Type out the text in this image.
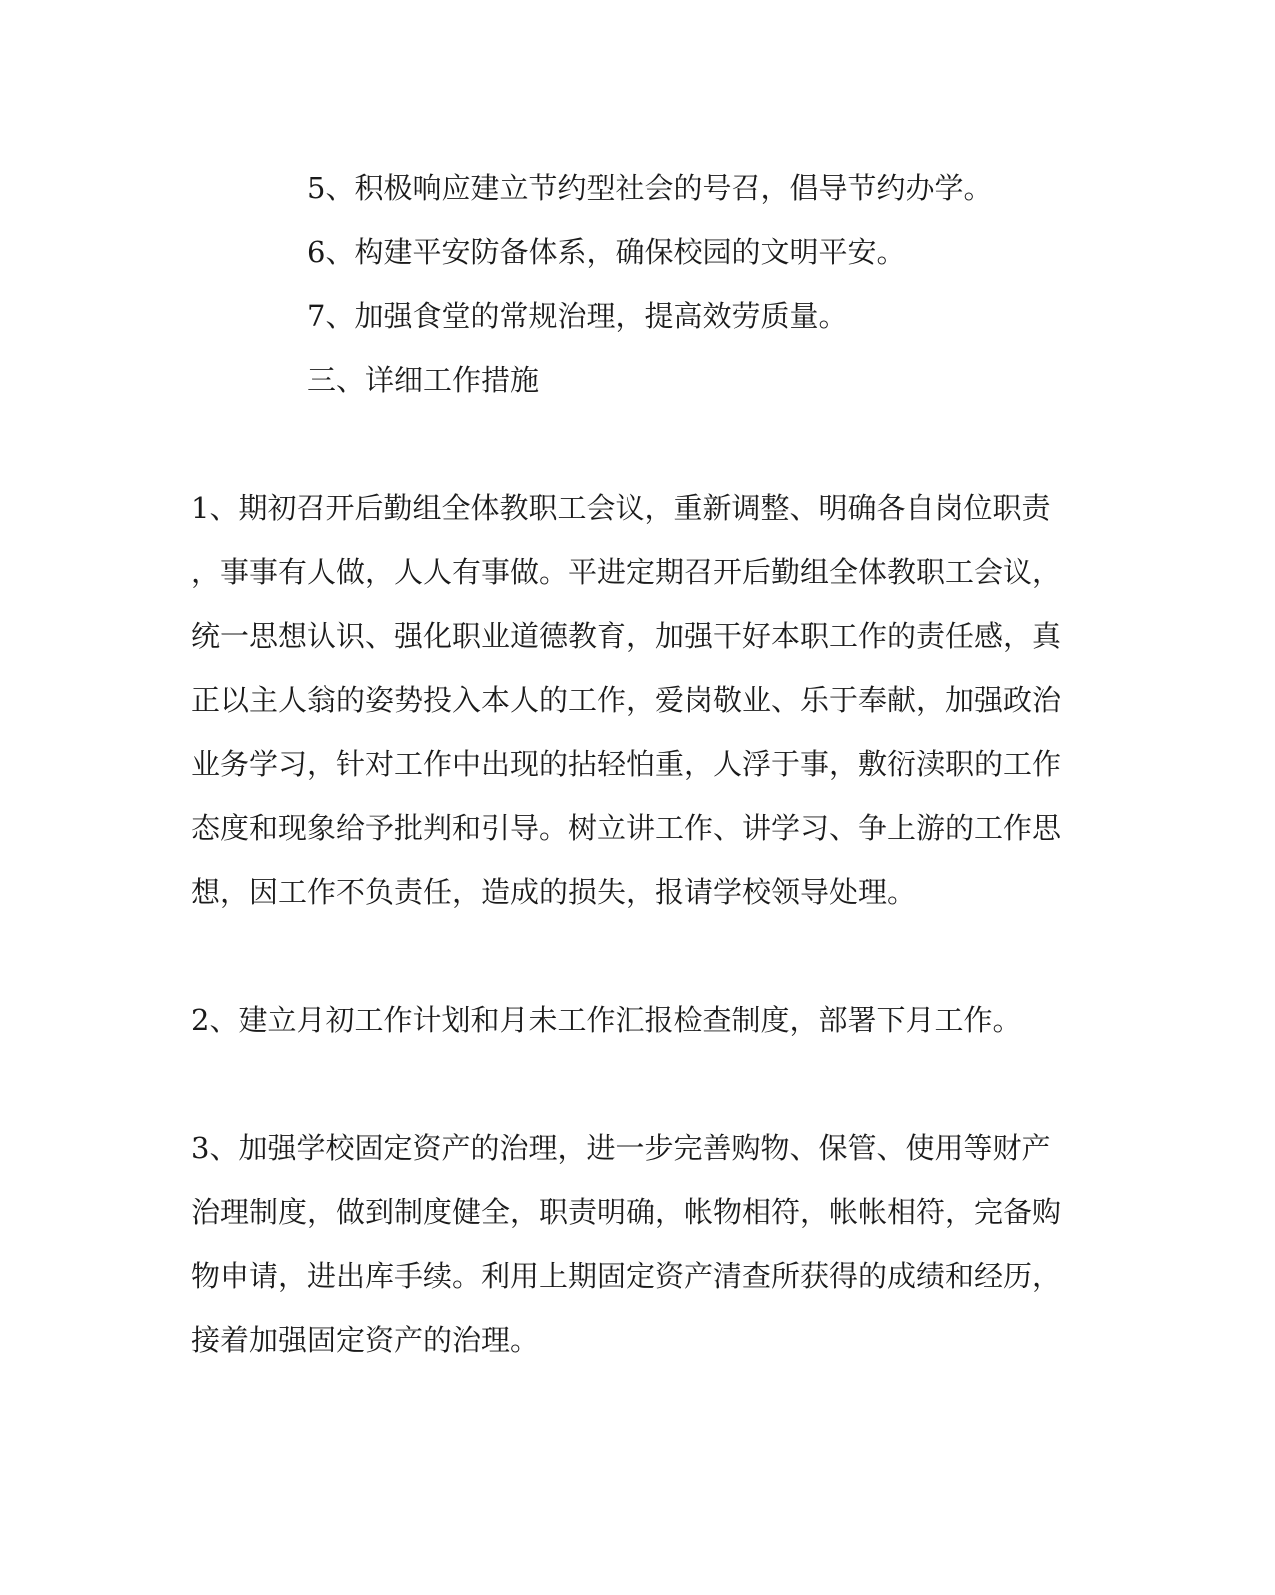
5、积极响应建立节约型社会的号召，倡导节约办学。
6、构建平安防备体系，确保校园的文明平安。
7、加强食堂的常规治理，提高效劳质量。
三、详细工作措施
1、期初召开后勤组全体教职工会议，重新调整、明确各自岗位职责
，事事有人做，人人有事做。平进定期召开后勤组全体教职工会议，
统一思想认识、强化职业道德教育，加强干好本职工作的责任感，真
正以主人翁的姿势投入本人的工作，爱岗敬业、乐于奉献，加强政治
业务学习，针对工作中出现的拈轻怕重，人浮于事，敷衍渎职的工作
态度和现象给予批判和引导。树立讲工作、讲学习、争上游的工作思
想，因工作不负责任，造成的损失，报请学校领导处理。
2、建立月初工作计划和月未工作汇报检查制度，部署下月工作。
3、加强学校固定资产的治理，进一步完善购物、保管、使用等财产
治理制度，做到制度健全，职责明确，帐物相符，帐帐相符，完备购
物申请，进出库手续。利用上期固定资产清查所获得的成绩和经历，
接着加强固定资产的治理。
